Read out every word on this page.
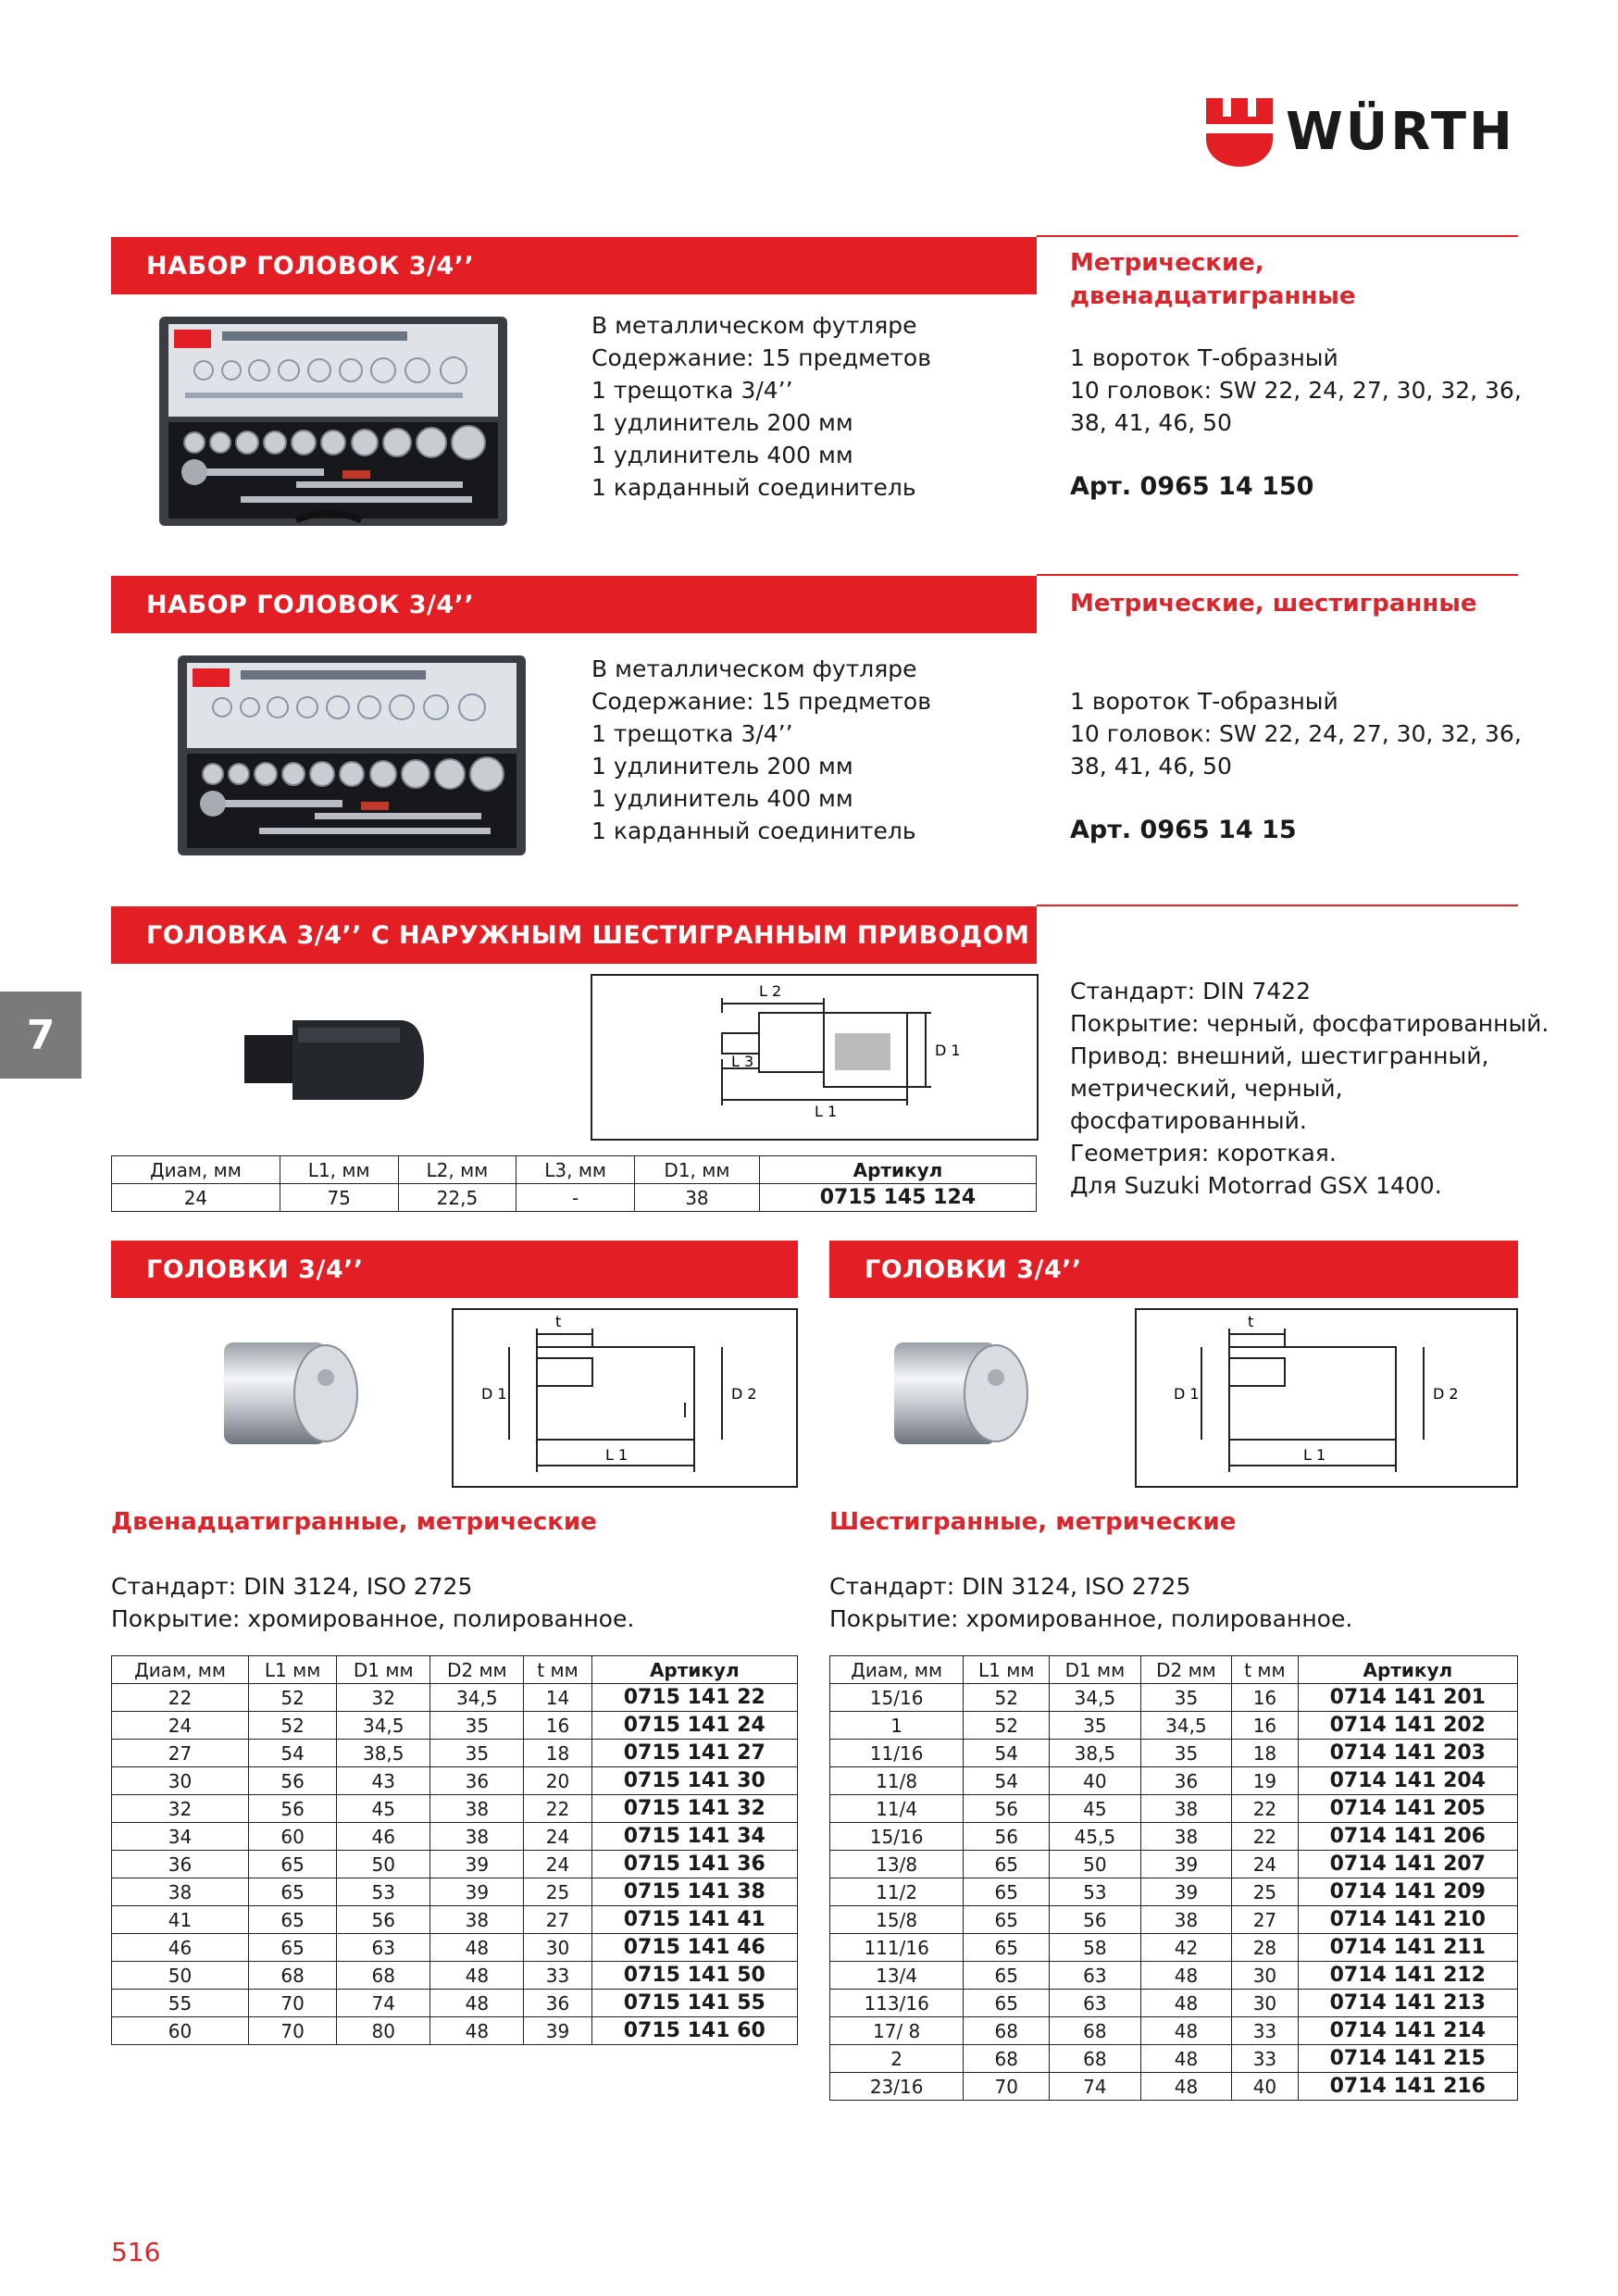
WÜRTH
НАБОР ГОЛОВОК 3/4’’	Метрические, двенадцатигранные
В металлическом футляре
Содержание: 15 предметов
1 трещотка 3/4’’
1 удлинитель 200 мм
1 удлинитель 400 мм
1 карданный соединитель
1 вороток Т-образный
10 головок: SW 22, 24, 27, 30, 32, 36,
38, 41, 46, 50
Арт. 0965 14 150
НАБОР ГОЛОВОК 3/4’’	Метрические, шестигранные
В металлическом футляре
Содержание: 15 предметов
1 трещотка 3/4’’
1 удлинитель 200 мм
1 удлинитель 400 мм
1 карданный соединитель
1 вороток Т-образный
10 головок: SW 22, 24, 27, 30, 32, 36,
38, 41, 46, 50
Арт. 0965 14 15
ГОЛОВКА 3/4’’ С НАРУЖНЫМ ШЕСТИГРАННЫМ ПРИВОДОМ
L 2
L 3
L 1
D 1
Стандарт: DIN 7422
Покрытие: черный, фосфатированный.
Привод: внешний, шестигранный,
метрический, черный,
фосфатированный.
Геометрия: короткая.
Для Suzuki Motorrad GSX 1400.
Диам, мм	L1, мм	L2, мм	L3, мм	D1, мм	Артикул
24	75	22,5	-	38	0715 145 124
ГОЛОВКИ 3/4’’
t
D 1	D 2
L 1
Двенадцатигранные, метрические
Стандарт: DIN 3124, ISO 2725
Покрытие: хромированное, полированное.
Диам, мм	L1 мм	D1 мм	D2 мм	t мм	Артикул
22	52	32	34,5	14	0715 141 22
24	52	34,5	35	16	0715 141 24
27	54	38,5	35	18	0715 141 27
30	56	43	36	20	0715 141 30
32	56	45	38	22	0715 141 32
34	60	46	38	24	0715 141 34
36	65	50	39	24	0715 141 36
38	65	53	39	25	0715 141 38
41	65	56	38	27	0715 141 41
46	65	63	48	30	0715 141 46
50	68	68	48	33	0715 141 50
55	70	74	48	36	0715 141 55
60	70	80	48	39	0715 141 60
ГОЛОВКИ 3/4’’
t
D 1	D 2
L 1
Шестигранные, метрические
Стандарт: DIN 3124, ISO 2725
Покрытие: хромированное, полированное.
Диам, мм	L1 мм	D1 мм	D2 мм	t мм	Артикул
15/16	52	34,5	35	16	0714 141 201
1	52	35	34,5	16	0714 141 202
11/16	54	38,5	35	18	0714 141 203
11/8	54	40	36	19	0714 141 204
11/4	56	45	38	22	0714 141 205
15/16	56	45,5	38	22	0714 141 206
13/8	65	50	39	24	0714 141 207
11/2	65	53	39	25	0714 141 209
15/8	65	56	38	27	0714 141 210
111/16	65	58	42	28	0714 141 211
13/4	65	63	48	30	0714 141 212
113/16	65	63	48	30	0714 141 213
17/ 8	68	68	48	33	0714 141 214
2	68	68	48	33	0714 141 215
23/16	70	74	48	40	0714 141 216
7
516
